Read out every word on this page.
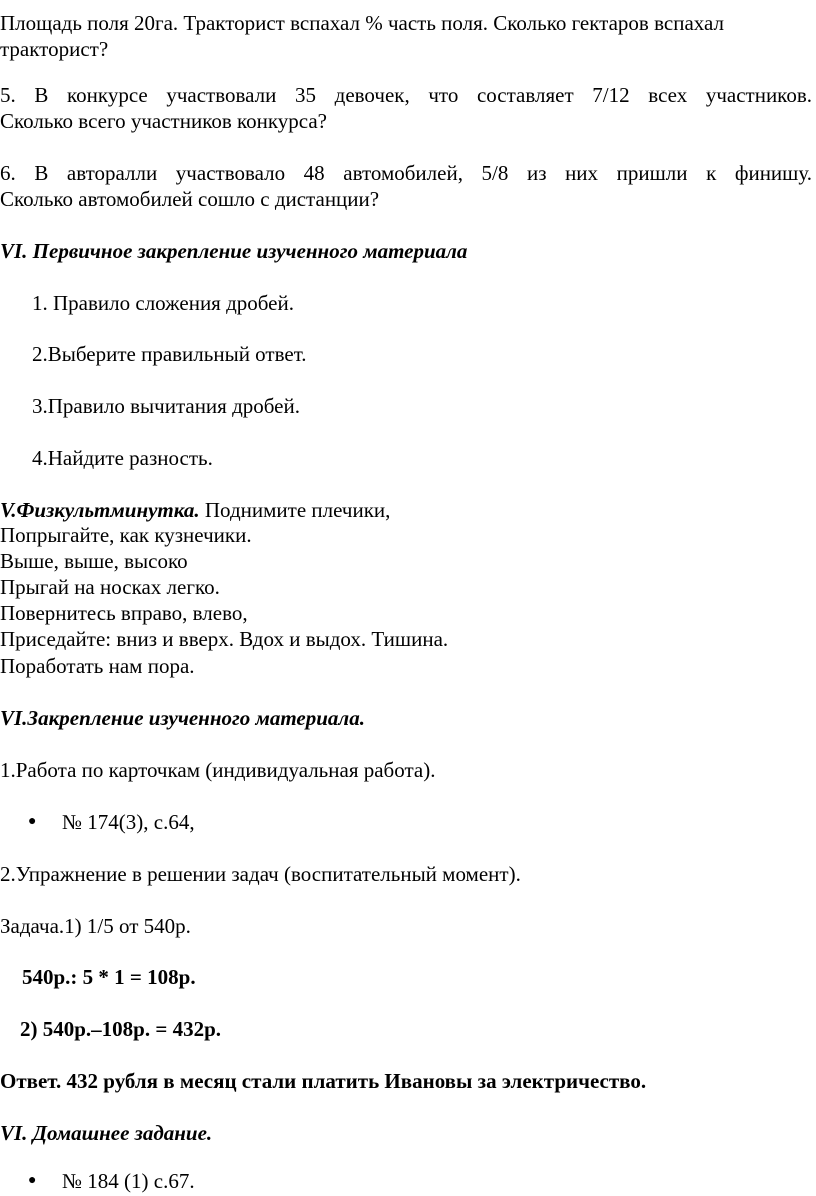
Площадь поля 20га. Тракторист вспахал % часть поля. Сколько гектаров вспахал
тракторист?
5. В конкурсе участвовали 35 девочек, что составляет 7/12 всех участников.
Сколько всего участников конкурса?
6. В авторалли участвовало 48 автомобилей, 5/8 из них пришли к финишу.
Сколько автомобилей сошло с дистанции?
VI. Первичное закрепление изученного материала
1. Правило сложения дробей.
2.Выберите правильный ответ.
3.Правило вычитания дробей.
4.Найдите разность.
V.Физкультминутка. Поднимите плечики,
Попрыгайте, как кузнечики.
Выше, выше, высоко
Прыгай на носках легко.
Повернитесь вправо, влево,
Приседайте: вниз и вверх. Вдох и выдох. Тишина.
Поработать нам пора.
VI.Закрепление изученного материала.
1.Работа по карточкам (индивидуальная работа).
● № 174(3), с.64,
2.Упражнение в решении задач (воспитательный момент).
Задача.1) 1/5 от 540р.
540р.: 5 * 1 = 108р.
2) 540р.–108р. = 432р.
Ответ. 432 рубля в месяц стали платить Ивановы за электричество.
VI. Домашнее задание.
● № 184 (1) с.67.
